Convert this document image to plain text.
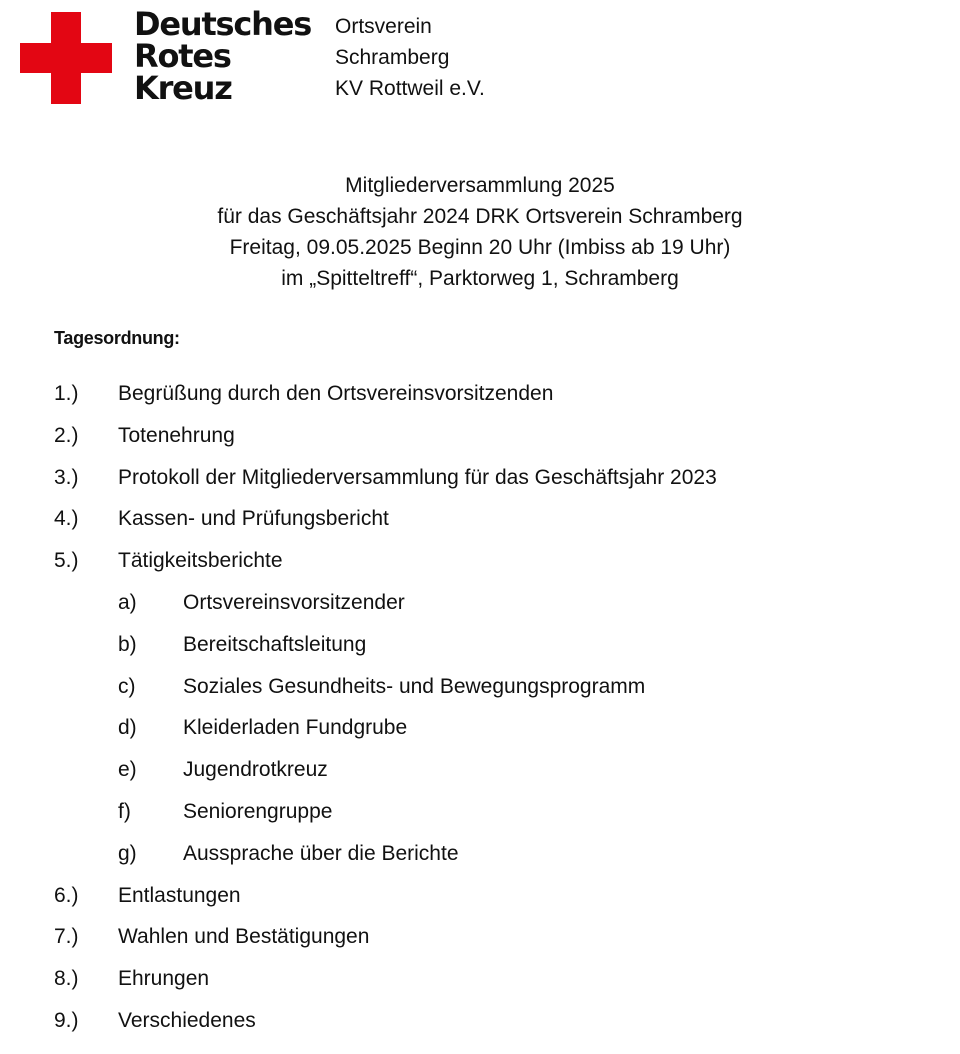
Deutsches
Rotes
Kreuz
Ortsverein
Schramberg
KV Rottweil e.V.
Mitgliederversammlung 2025
für das Geschäftsjahr 2024 DRK Ortsverein Schramberg
Freitag, 09.05.2025 Beginn 20 Uhr (Imbiss ab 19 Uhr)
im „Spitteltreff“, Parktorweg 1, Schramberg
Tagesordnung:
1.) Begrüßung durch den Ortsvereinsvorsitzenden
2.) Totenehrung
3.) Protokoll der Mitgliederversammlung für das Geschäftsjahr 2023
4.) Kassen- und Prüfungsbericht
5.) Tätigkeitsberichte
a) Ortsvereinsvorsitzender
b) Bereitschaftsleitung
c) Soziales Gesundheits- und Bewegungsprogramm
d) Kleiderladen Fundgrube
e) Jugendrotkreuz
f) Seniorengruppe
g) Aussprache über die Berichte
6.) Entlastungen
7.) Wahlen und Bestätigungen
8.) Ehrungen
9.) Verschiedenes
